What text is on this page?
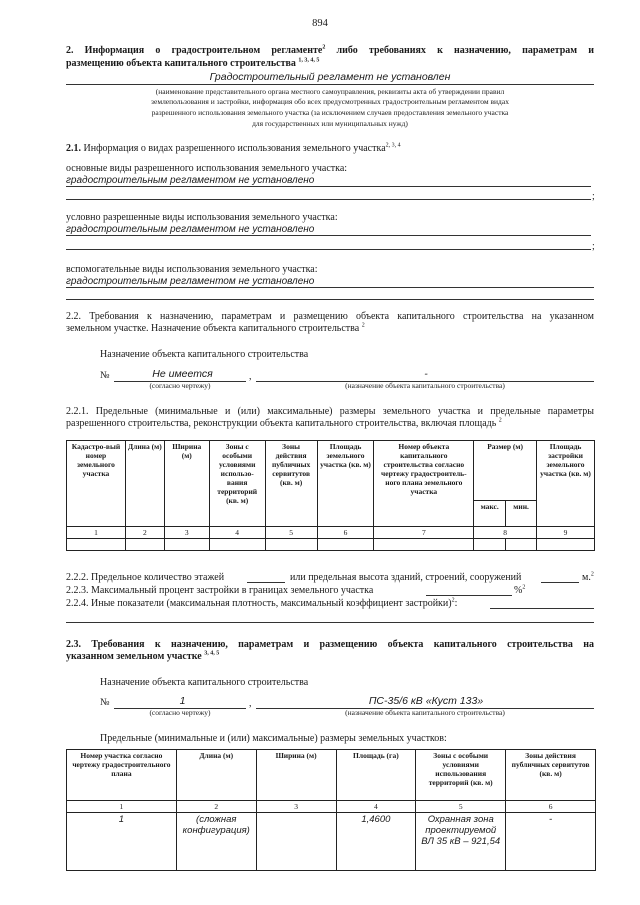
894
2. Информация о градостроительном регламенте$^2$ либо требованиях к назначению, параметрам и
размещению объекта капитального строительства $^{1, 3, 4, 5}$
Градостроительный регламент не установлен
(наименование представительного органа местного самоуправления, реквизиты акта об утверждении правил
землепользования и застройки, информация обо всех предусмотренных градостроительным регламентом видах
разрешенного использования земельного участка (за исключением случаев предоставления земельного участка
для государственных или муниципальных нужд)
2.1. Информация о видах разрешенного использования земельного участка$^{2, 3, 4}$
основные виды разрешенного использования земельного участка:
градостроительным регламентом не установлено
;
условно разрешенные виды использования земельного участка:
градостроительным регламентом не установлено
;
вспомогательные виды использования земельного участка:
градостроительным регламентом не установлено
2.2. Требования к назначению, параметрам и размещению объекта капитального строительства на указанном
земельном участке. Назначение объекта капитального строительства $^2$
Назначение объекта капитального строительства
№	Не имеется	,	-
(согласно чертежу)	(назначение объекта капитального строительства)
2.2.1. Предельные (минимальные и (или) максимальные) размеры земельного участка и предельные параметры
разрешенного строительства, реконструкции объекта капитального строительства, включая площадь $^2$
Кадастро-вый номер земельного участка	Длина (м)	Ширина (м)	Зоны с особыми условиями использо-вания территорий (кв. м)	Зоны действия публичных сервитутов (кв. м)	Площадь земельного участка (кв. м)	Номер объекта капитального строительства согласно чертежу градостроитель-ного плана земельного участка	Размер (м)		Площадь застройки земельного участка (кв. м)
							макс.	мин.	
1	2	3	4	5	6	7	8		9

2.2.2. Предельное количество этажей	или предельная высота зданий, строений, сооружений	м.$^2$
2.2.3. Максимальный процент застройки в границах земельного участка	%$^2$
2.2.4. Иные показатели (максимальная плотность, максимальный коэффициент застройки)$^2$:
2.3. Требования к назначению, параметрам и размещению объекта капитального строительства на
указанном земельном участке $^{3, 4, 5}$
Назначение объекта капитального строительства
№	1	,	ПС-35/6 кВ «Куст 133»
(согласно чертежу)	(назначение объекта капитального строительства)
Предельные (минимальные и (или) максимальные) размеры земельных участков:
Номер участка согласно чертежу градостроительного плана	Длина (м)	Ширина (м)	Площадь (га)	Зоны с особыми условиями использования территорий (кв. м)	Зоны действия публичных сервитутов (кв. м)
1	2	3	4	5	6
1	(сложная конфигурация)		1,4600	Охранная зона проектируемой ВЛ 35 кВ – 921,54	-
